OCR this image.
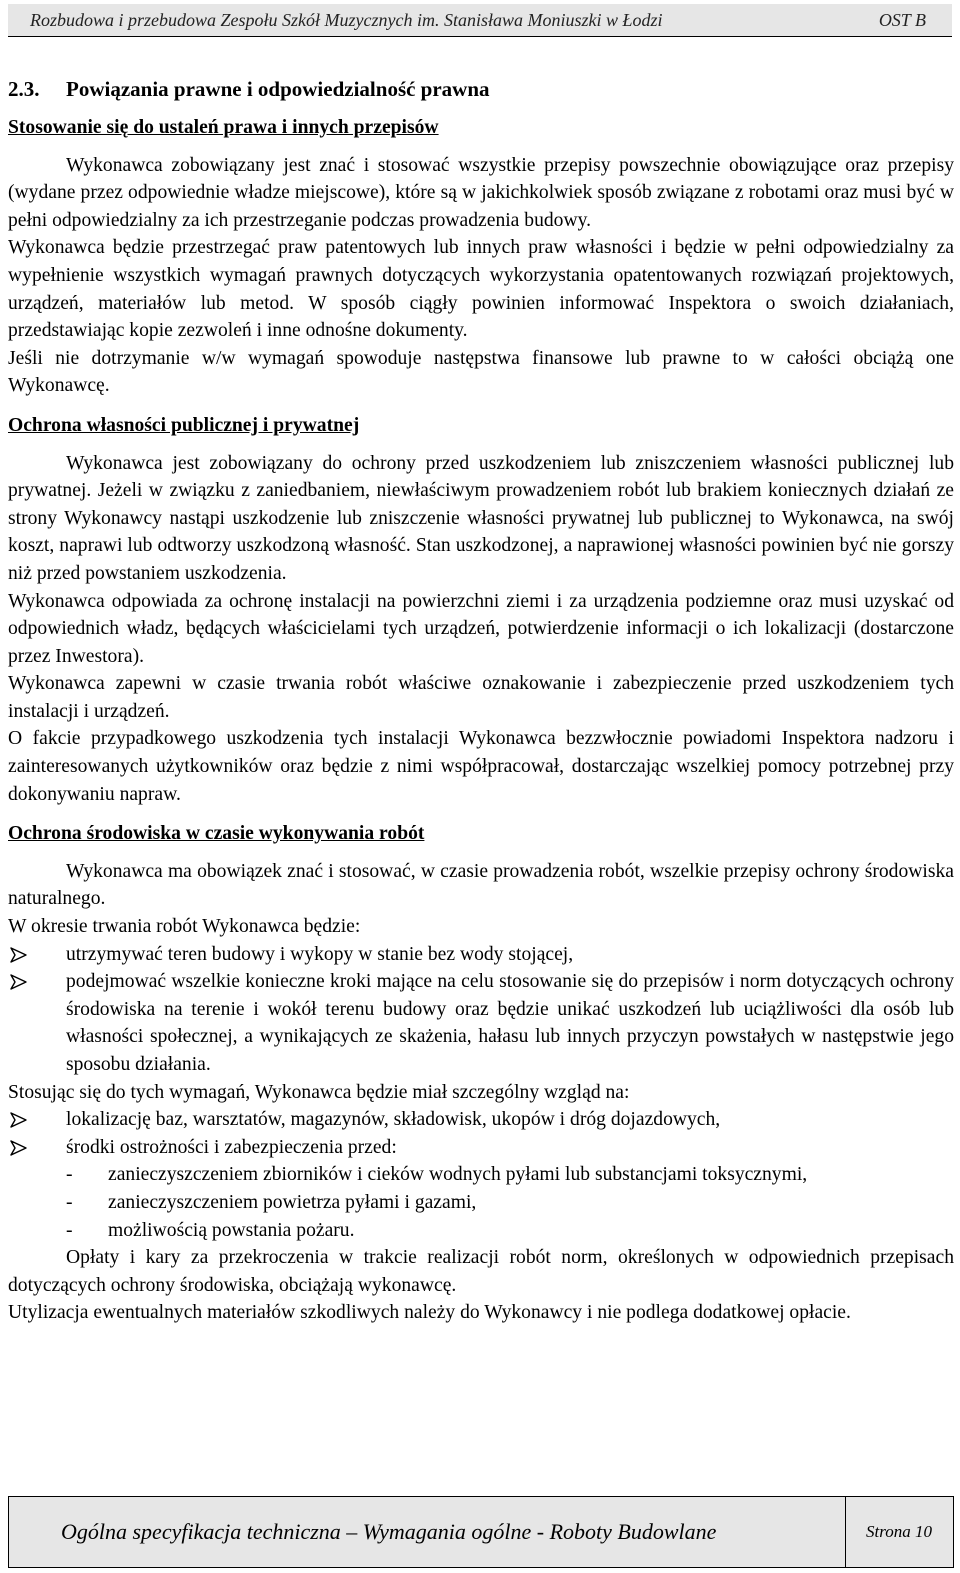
Rozbudowa i przebudowa Zespołu Szkół Muzycznych im. Stanisława Moniuszki w Łodzi	OST B
2.3. Powiązania prawne i odpowiedzialność prawna
Stosowanie się do ustaleń prawa i innych przepisów

Wykonawca zobowiązany jest znać i stosować wszystkie przepisy powszechnie obowiązujące oraz przepisy (wydane przez odpowiednie władze miejscowe), które są w jakichkolwiek sposób związane z robotami oraz musi być w pełni odpowiedzialny za ich przestrzeganie podczas prowadzenia budowy.

Wykonawca będzie przestrzegać praw patentowych lub innych praw własności i będzie w pełni odpowiedzialny za wypełnienie wszystkich wymagań prawnych dotyczących wykorzystania opatentowanych rozwiązań projektowych, urządzeń, materiałów lub metod. W sposób ciągły powinien informować Inspektora o swoich działaniach, przedstawiając kopie zezwoleń i inne odnośne dokumenty.

Jeśli nie dotrzymanie w/w wymagań spowoduje następstwa finansowe lub prawne to w całości obciążą one Wykonawcę.

Ochrona własności publicznej i prywatnej

Wykonawca jest zobowiązany do ochrony przed uszkodzeniem lub zniszczeniem własności publicznej lub prywatnej. Jeżeli w związku z zaniedbaniem, niewłaściwym prowadzeniem robót lub brakiem koniecznych działań ze strony Wykonawcy nastąpi uszkodzenie lub zniszczenie własności prywatnej lub publicznej to Wykonawca, na swój koszt, naprawi lub odtworzy uszkodzoną własność. Stan uszkodzonej, a naprawionej własności powinien być nie gorszy niż przed powstaniem uszkodzenia.

Wykonawca odpowiada za ochronę instalacji na powierzchni ziemi i za urządzenia podziemne oraz musi uzyskać od odpowiednich władz, będących właścicielami tych urządzeń, potwierdzenie informacji o ich lokalizacji (dostarczone przez Inwestora).

Wykonawca zapewni w czasie trwania robót właściwe oznakowanie i zabezpieczenie przed uszkodzeniem tych instalacji i urządzeń.

O fakcie przypadkowego uszkodzenia tych instalacji Wykonawca bezzwłocznie powiadomi Inspektora nadzoru i zainteresowanych użytkowników oraz będzie z nimi współpracował, dostarczając wszelkiej pomocy potrzebnej przy dokonywaniu napraw.

Ochrona środowiska w czasie wykonywania robót

Wykonawca ma obowiązek znać i stosować, w czasie prowadzenia robót, wszelkie przepisy ochrony środowiska naturalnego.

W okresie trwania robót Wykonawca będzie:

utrzymywać teren budowy i wykopy w stanie bez wody stojącej,
podejmować wszelkie konieczne kroki mające na celu stosowanie się do przepisów i norm dotyczących ochrony środowiska na terenie i wokół terenu budowy oraz będzie unikać uszkodzeń lub uciążliwości dla osób lub własności społecznej, a wynikających ze skażenia, hałasu lub innych przyczyn powstałych w następstwie jego sposobu działania.

Stosując się do tych wymagań, Wykonawca będzie miał szczególny wzgląd na:

lokalizację baz, warsztatów, magazynów, składowisk, ukopów i dróg dojazdowych,
środki ostrożności i zabezpieczenia przed:
- zanieczyszczeniem zbiorników i cieków wodnych pyłami lub substancjami toksycznymi,
- zanieczyszczeniem powietrza pyłami i gazami,
- możliwością powstania pożaru.

Opłaty i kary za przekroczenia w trakcie realizacji robót norm, określonych w odpowiednich przepisach dotyczących ochrony środowiska, obciążają wykonawcę.

Utylizacja ewentualnych materiałów szkodliwych należy do Wykonawcy i nie podlega dodatkowej opłacie.

Ogólna specyfikacja techniczna – Wymagania ogólne - Roboty Budowlane	Strona 10
